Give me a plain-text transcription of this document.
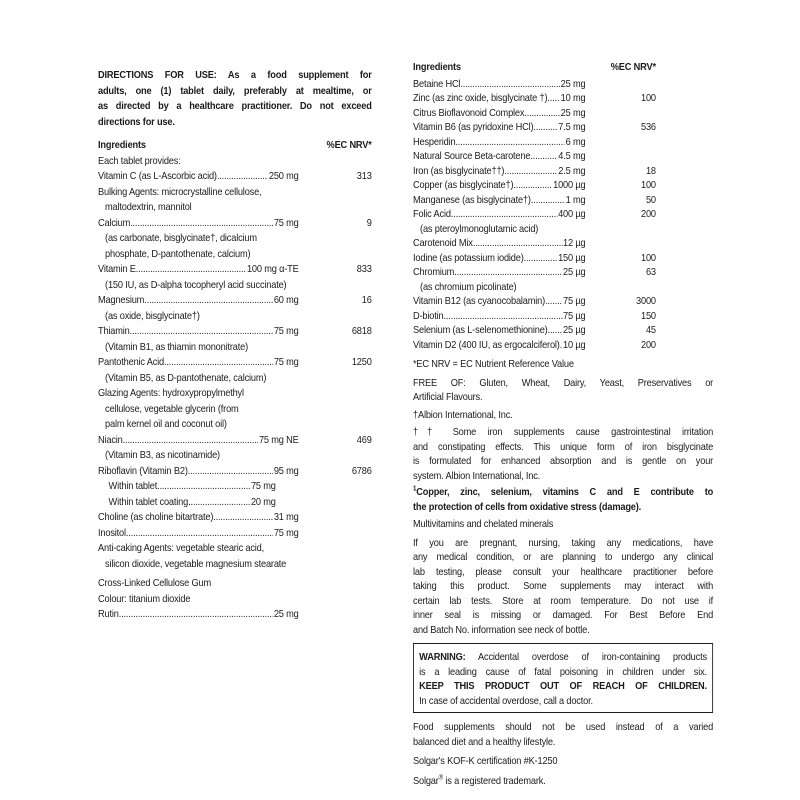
DIRECTIONS FOR USE: As a food supplement for
adults, one (1) tablet daily, preferably at mealtime, or
as directed by a healthcare practitioner. Do not exceed
directions for use.
Ingredients	%EC NRV*
Each tablet provides:
Vitamin C (as L-Ascorbic acid) .....	250 mg	313
Bulking Agents: microcrystalline cellulose,
maltodextrin, mannitol
Calcium .....	75 mg	9
(as carbonate, bisglycinate†, dicalcium
phosphate, D-pantothenate, calcium)
Vitamin E .....	100 mg α-TE	833
(150 IU, as D-alpha tocopheryl acid succinate)
Magnesium .....	60 mg	16
(as oxide, bisglycinate†)
Thiamin .....	75 mg	6818
(Vitamin B1, as thiamin mononitrate)
Pantothenic Acid .....	75 mg	1250
(Vitamin B5, as D-pantothenate, calcium)
Glazing Agents: hydroxypropylmethyl
cellulose, vegetable glycerin (from
palm kernel oil and coconut oil)
Niacin .....	75 mg NE	469
(Vitamin B3, as nicotinamide)
Riboflavin (Vitamin B2) .....	95 mg	6786
Within tablet .....	75 mg
Within tablet coating .....	20 mg
Choline (as choline bitartrate) .....	31 mg
Inositol .....	75 mg
Anti-caking Agents: vegetable stearic acid,
silicon dioxide, vegetable magnesium stearate
Cross-Linked Cellulose Gum
Colour: titanium dioxide
Rutin .....	25 mg
Ingredients	%EC NRV*
Betaine HCl .....	25 mg
Zinc (as zinc oxide, bisglycinate †) ..... 10 mg	100
Citrus Bioflavonoid Complex .....	25 mg
Vitamin B6 (as pyridoxine HCl) ..... 7.5 mg	536
Hesperidin .....	6 mg
Natural Source Beta-carotene .....	4.5 mg
Iron (as bisglycinate††) .....	2.5 mg	18
Copper (as bisglycinate†) .....	1000 µg	100
Manganese (as bisglycinate†) .....	1 mg	50
Folic Acid .....	400 µg	200
(as pteroylmonoglutamic acid)
Carotenoid Mix .....	12 µg
Iodine (as potassium iodide) .....	150 µg	100
Chromium .....	25 µg	63
(as chromium picolinate)
Vitamin B12 (as cyanocobalamin) ..... 75 µg	3000
D-biotin .....	75 µg	150
Selenium (as L-selenomethionine) ..... 25 µg	45
Vitamin D2 (400 IU, as ergocalciferol) ..... 10 µg	200
*EC NRV = EC Nutrient Reference Value
FREE OF: Gluten, Wheat, Dairy, Yeast, Preservatives or
Artificial Flavours.
†Albion International, Inc.
†† Some iron supplements cause gastrointestinal irritation
and constipating effects. This unique form of iron bisglycinate
is formulated for enhanced absorption and is gentle on your
system. Albion International, Inc.
$^1$Copper, zinc, selenium, vitamins C and E contribute to
the protection of cells from oxidative stress (damage).
Multivitamins and chelated minerals
If you are pregnant, nursing, taking any medications, have
any medical condition, or are planning to undergo any clinical
lab testing, please consult your healthcare practitioner before
taking this product. Some supplements may interact with
certain lab tests. Store at room temperature. Do not use if
inner seal is missing or damaged. For Best Before End
and Batch No. information see neck of bottle.
WARNING: Accidental overdose of iron-containing products
is a leading cause of fatal poisoning in children under six.
KEEP THIS PRODUCT OUT OF REACH OF CHILDREN.
In case of accidental overdose, call a doctor.
Food supplements should not be used instead of a varied
balanced diet and a healthy lifestyle.
Solgar's KOF-K certification #K-1250
Solgar® is a registered trademark.
